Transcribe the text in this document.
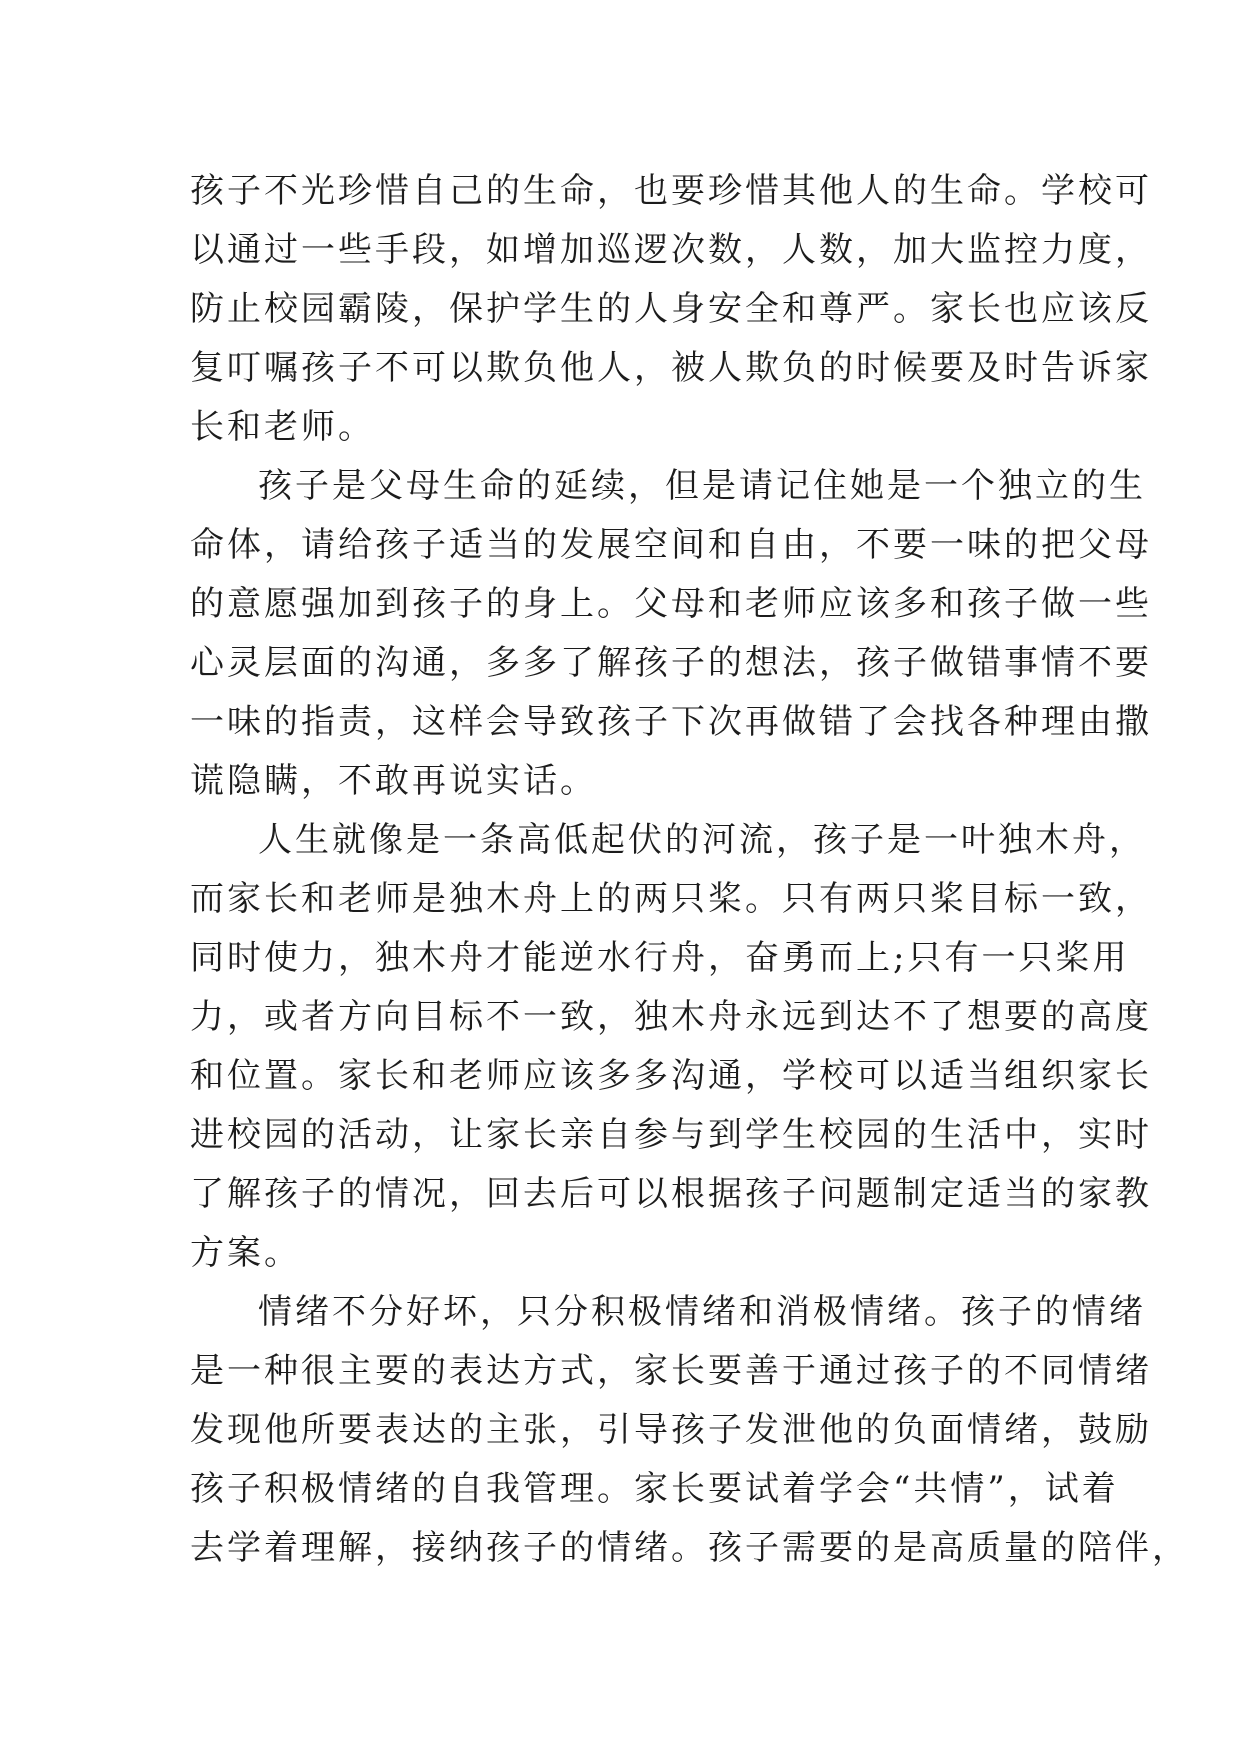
孩子不光珍惜自己的生命，也要珍惜其他人的生命。学校可
以通过一些手段，如增加巡逻次数，人数，加大监控力度，
防止校园霸陵，保护学生的人身安全和尊严。家长也应该反
复叮嘱孩子不可以欺负他人，被人欺负的时候要及时告诉家
长和老师。
孩子是父母生命的延续，但是请记住她是一个独立的生
命体，请给孩子适当的发展空间和自由，不要一味的把父母
的意愿强加到孩子的身上。父母和老师应该多和孩子做一些
心灵层面的沟通，多多了解孩子的想法，孩子做错事情不要
一味的指责，这样会导致孩子下次再做错了会找各种理由撒
谎隐瞒，不敢再说实话。
人生就像是一条高低起伏的河流，孩子是一叶独木舟，
而家长和老师是独木舟上的两只桨。只有两只桨目标一致，
同时使力，独木舟才能逆水行舟，奋勇而上;只有一只桨用
力，或者方向目标不一致，独木舟永远到达不了想要的高度
和位置。家长和老师应该多多沟通，学校可以适当组织家长
进校园的活动，让家长亲自参与到学生校园的生活中，实时
了解孩子的情况，回去后可以根据孩子问题制定适当的家教
方案。
情绪不分好坏，只分积极情绪和消极情绪。孩子的情绪
是一种很主要的表达方式，家长要善于通过孩子的不同情绪
发现他所要表达的主张，引导孩子发泄他的负面情绪，鼓励
孩子积极情绪的自我管理。家长要试着学会“共情”，试着
去学着理解，接纳孩子的情绪。孩子需要的是高质量的陪伴，
